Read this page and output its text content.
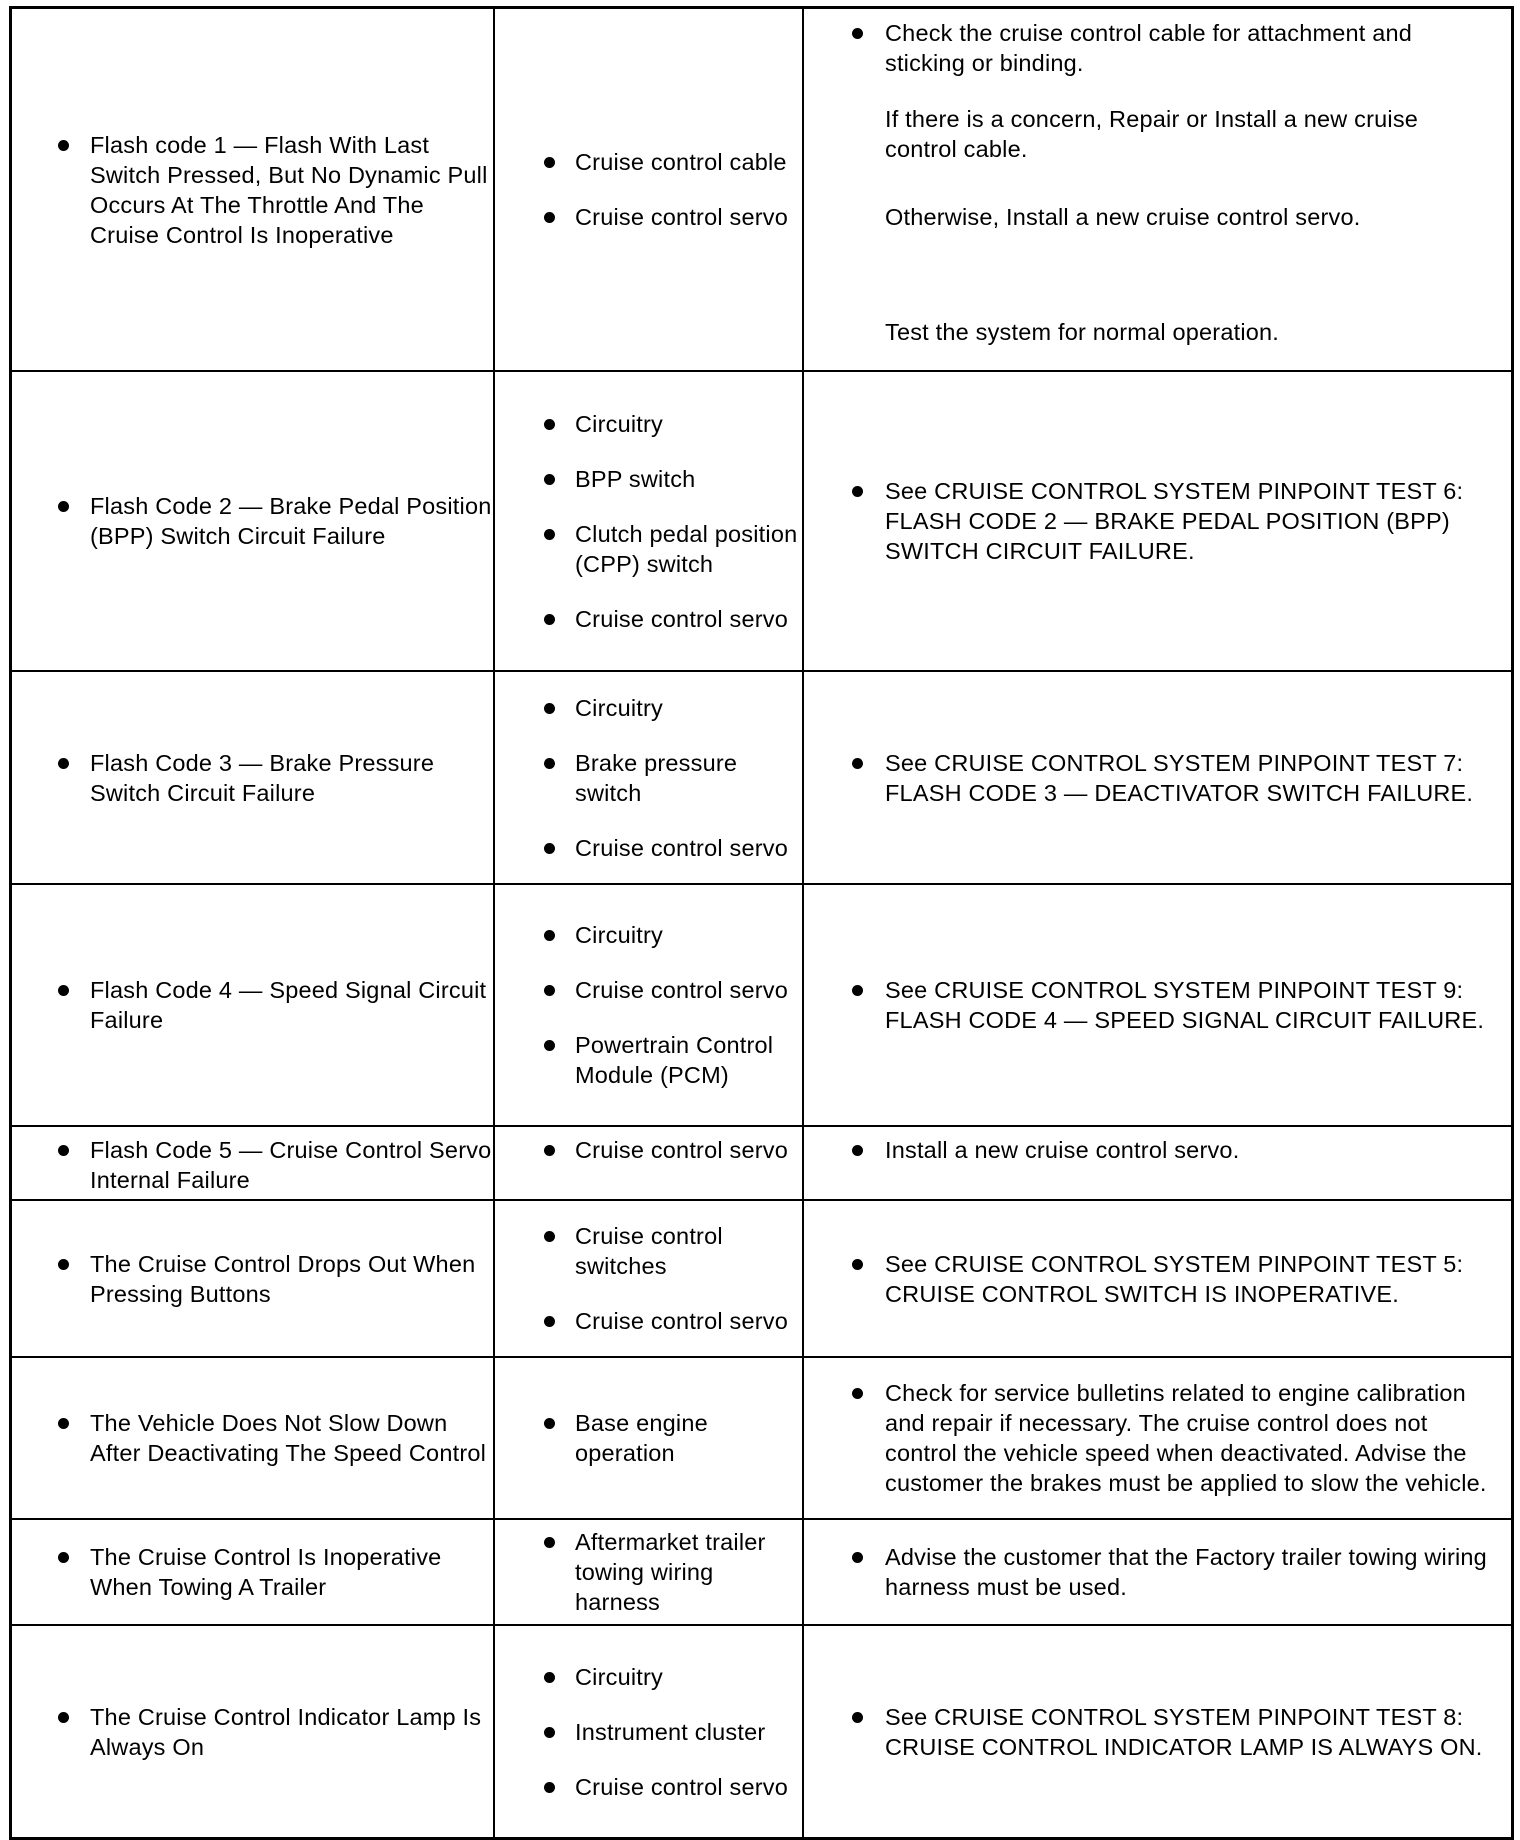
Flash code 1 — Flash With Last Switch Pressed, But No Dynamic Pull Occurs At The Throttle And The Cruise Control Is Inoperative
Cruise control cable
Cruise control servo
Check the cruise control cable for attachment and sticking or binding.
If there is a concern, Repair or Install a new cruise control cable.
Otherwise, Install a new cruise control servo.
Test the system for normal operation.
Flash Code 2 — Brake Pedal Position (BPP) Switch Circuit Failure
Circuitry
BPP switch
Clutch pedal position (CPP) switch
Cruise control servo
See CRUISE CONTROL SYSTEM PINPOINT TEST 6: FLASH CODE 2 — BRAKE PEDAL POSITION (BPP) SWITCH CIRCUIT FAILURE.
Flash Code 3 — Brake Pressure Switch Circuit Failure
Circuitry
Brake pressure switch
Cruise control servo
See CRUISE CONTROL SYSTEM PINPOINT TEST 7: FLASH CODE 3 — DEACTIVATOR SWITCH FAILURE.
Flash Code 4 — Speed Signal Circuit Failure
Circuitry
Cruise control servo
Powertrain Control Module (PCM)
See CRUISE CONTROL SYSTEM PINPOINT TEST 9: FLASH CODE 4 — SPEED SIGNAL CIRCUIT FAILURE.
Flash Code 5 — Cruise Control Servo Internal Failure
Cruise control servo	Install a new cruise control servo.
The Cruise Control Drops Out When Pressing Buttons
Cruise control switches
Cruise control servo
See CRUISE CONTROL SYSTEM PINPOINT TEST 5: CRUISE CONTROL SWITCH IS INOPERATIVE.
The Vehicle Does Not Slow Down After Deactivating The Speed Control
Base engine operation
Check for service bulletins related to engine calibration and repair if necessary. The cruise control does not control the vehicle speed when deactivated. Advise the customer the brakes must be applied to slow the vehicle.
The Cruise Control Is Inoperative When Towing A Trailer
Aftermarket trailer towing wiring harness
Advise the customer that the Factory trailer towing wiring harness must be used.
The Cruise Control Indicator Lamp Is Always On
Circuitry
Instrument cluster
Cruise control servo
See CRUISE CONTROL SYSTEM PINPOINT TEST 8: CRUISE CONTROL INDICATOR LAMP IS ALWAYS ON.
